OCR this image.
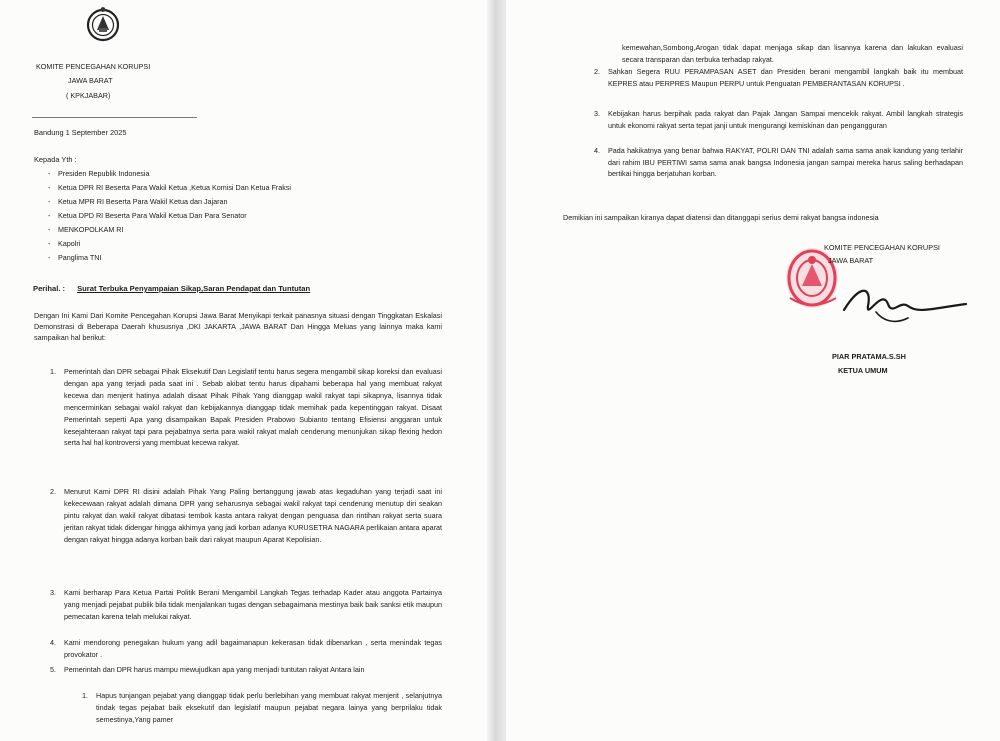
KOMITE PENCEGAHAN KORUPSI
JAWA BARAT
( KPKJABAR)
Bandung 1 September 2025
Kepada Yth :
- Presiden Republik Indonesia
- Ketua DPR RI Beserta Para Wakil Ketua ,Ketua Komisi Dan Ketua Fraksi
- Ketua MPR RI Beserta Para Wakil Ketua dan Jajaran
- Ketua DPD RI Beserta Para Wakil Ketua Dan Para Senator
- MENKOPOLKAM RI
- Kapolri
- Panglima TNI
Perihal. : Surat Terbuka Penyampaian Sikap,Saran Pendapat dan Tuntutan
Dengan Ini Kami Dari Komite Pencegahan Korupsi Jawa Barat Menyikapi terkait panasnya situasi dengan Tinggkatan Eskalasi Demonstrasi di Beberapa Daerah khususnya ,DKI JAKARTA ,JAWA BARAT Dan Hingga Meluas yang lainnya maka kami sampaikan hal berikut:
1. Pemerintah dan DPR sebagai Pihak Eksekutif Dan Legislatif tentu harus segera mengambil sikap koreksi dan evaluasi dengan apa yang terjadi pada saat ini . Sebab akibat tentu harus dipahami beberapa hal yang membuat rakyat kecewa dan menjerit hatinya adalah disaat Pihak Pihak Yang dianggap wakil rakyat tapi sikapnya, lisannya tidak mencerminkan sebagai wakil rakyat dan kebijakannya dianggap tidak memihak pada kepentinggan rakyat. Disaat Pemerintah seperti Apa yang disampaikan Bapak Presiden Prabowo Subianto tentang Efisiensi anggaran untuk kesejahteraan rakyat tapi para pejabatnya serta para wakil rakyat malah cenderung menunjukan sikap flexing hedon serta hal hal kontroversi yang membuat kecewa rakyat.
2. Menurut Kami DPR RI disini adalah Pihak Yang Paling bertanggung jawab atas kegaduhan yang terjadi saat ini kekecewaan rakyat adalah dimana DPR yang seharusnya sebagai wakil rakyat tapi cenderung menutup diri seakan pintu rakyat dan wakil rakyat dibatasi tembok kasta antara rakyat dengan penguasa dan rintihan rakyat serta suara jeritan rakyat tidak didengar hingga akhirnya yang jadi korban adanya KURUSETRA NAGARA perlikaian antara aparat dengan rakyat hingga adanya korban baik dari rakyat maupun Aparat Kepolisian.
3. Kami berharap Para Ketua Partai Politik Berani Mengambil Langkah Tegas terhadap Kader atau anggota Partainya yang menjadi pejabat publik bila tidak menjalankan tugas dengan sebagaimana mestinya baik baik sanksi etik maupun pemecatan karena telah melukai rakyat.
4. Kami mendorong penegakan hukum yang adil bagaimanapun kekerasan tidak dibenarkan , serta menindak tegas provokator .
5. Pemerintah dan DPR harus mampu mewujudkan apa yang menjadi tuntutan rakyat Antara lain
1. Hapus tunjangan pejabat yang dianggap tidak perlu berlebihan yang membuat rakyat menjerit , selanjutnya tindak tegas pejabat baik eksekutif dan legislatif maupun pejabat negara lainya yang berprilaku tidak semestinya,Yang pamer
kemewahan,Sombong,Arogan tidak dapat menjaga sikap dan lisannya karena dan lakukan evaluasi secara transparan dan terbuka terhadap rakyat.
2. Sahkan Segera RUU PERAMPASAN ASET dan Presiden berani mengambil langkah baik itu membuat KEPRES atau PERPRES Maupun PERPU untuk Penguatan PEMBERANTASAN KORUPSI .
3. Kebijakan harus berpihak pada rakyat dan Pajak Jangan Sampai mencekik rakyat. Ambil langkah strategis untuk ekonomi rakyat serta tepat janji untuk mengurangi kemiskinan dan pengangguran
4. Pada hakikatnya yang benar bahwa RAKYAT, POLRI DAN TNI adalah sama sama anak kandung yang terlahir dari rahim IBU PERTIWI sama sama anak bangsa Indonesia jangan sampai mereka harus saling berhadapan bertikai hingga berjatuhan korban.
Demikian ini sampaikan kiranya dapat diatensi dan ditanggapi serius demi rakyat bangsa indonesia
KOMITE PENCEGAHAN KORUPSI
JAWA BARAT
PIAR PRATAMA.S.SH
KETUA UMUM
